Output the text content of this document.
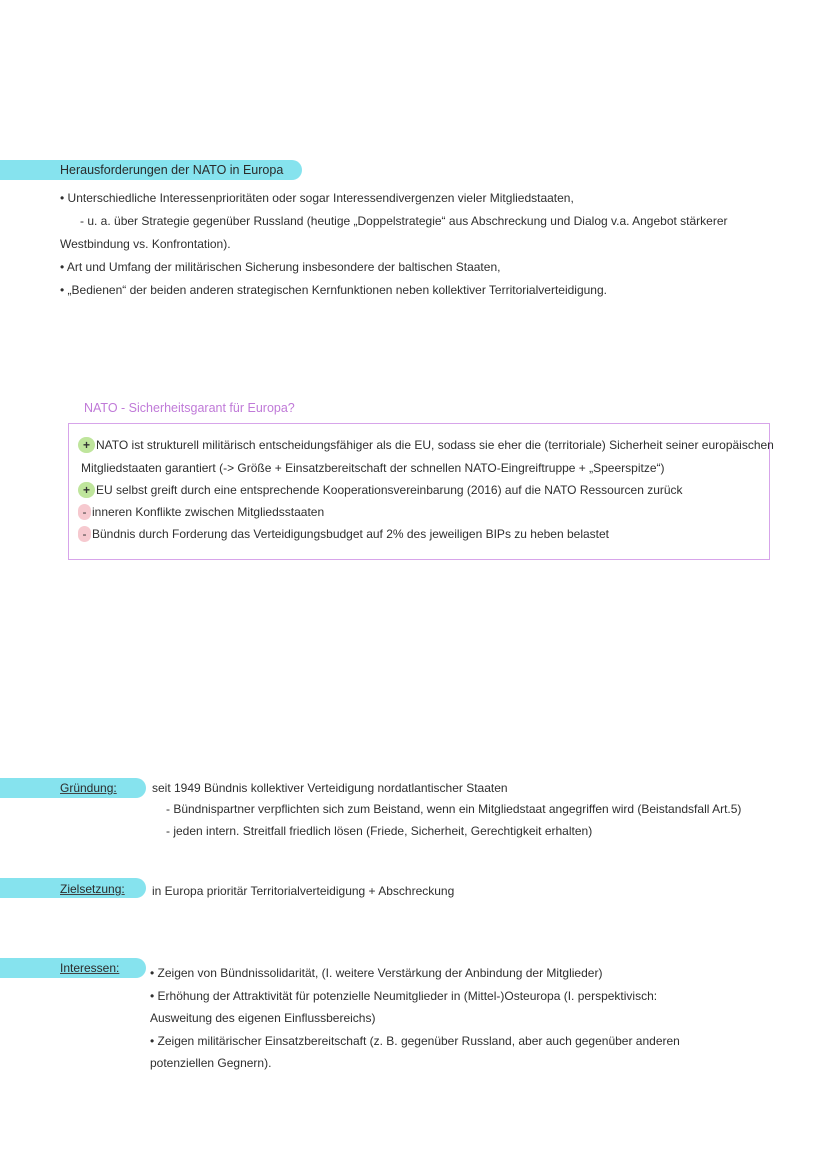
Herausforderungen der NATO in Europa
• Unterschiedliche Interessenprioritäten oder sogar Interessendivergenzen vieler Mitgliedstaaten,
- u. a. über Strategie gegenüber Russland (heutige „Doppelstrategie“ aus Abschreckung und Dialog v.a. Angebot stärkerer
Westbindung vs. Konfrontation).
• Art und Umfang der militärischen Sicherung insbesondere der baltischen Staaten,
• „Bedienen“ der beiden anderen strategischen Kernfunktionen neben kollektiver Territorialverteidigung.
NATO - Sicherheitsgarant für Europa?
+ NATO ist strukturell militärisch entscheidungsfähiger als die EU, sodass sie eher die (territoriale) Sicherheit seiner europäischen
Mitgliedstaaten garantiert (-> Größe + Einsatzbereitschaft der schnellen NATO-Eingreiftruppe + „Speerspitze“)
+ EU selbst greift durch eine entsprechende Kooperationsvereinbarung (2016) auf die NATO Ressourcen zurück
- inneren Konflikte zwischen Mitgliedsstaaten
- Bündnis durch Forderung das Verteidigungsbudget auf 2% des jeweiligen BIPs zu heben belastet
Gründung:	seit 1949 Bündnis kollektiver Verteidigung nordatlantischer Staaten
- Bündnispartner verpflichten sich zum Beistand, wenn ein Mitgliedstaat angegriffen wird (Beistandsfall Art.5)
- jeden intern. Streitfall friedlich lösen (Friede, Sicherheit, Gerechtigkeit erhalten)
Zielsetzung: in Europa prioritär Territorialverteidigung + Abschreckung
Interessen:	• Zeigen von Bündnissolidarität, (I. weitere Verstärkung der Anbindung der Mitglieder)
• Erhöhung der Attraktivität für potenzielle Neumitglieder in (Mittel-)Osteuropa (I. perspektivisch:
Ausweitung des eigenen Einflussbereichs)
• Zeigen militärischer Einsatzbereitschaft (z. B. gegenüber Russland, aber auch gegenüber anderen
potenziellen Gegnern).
